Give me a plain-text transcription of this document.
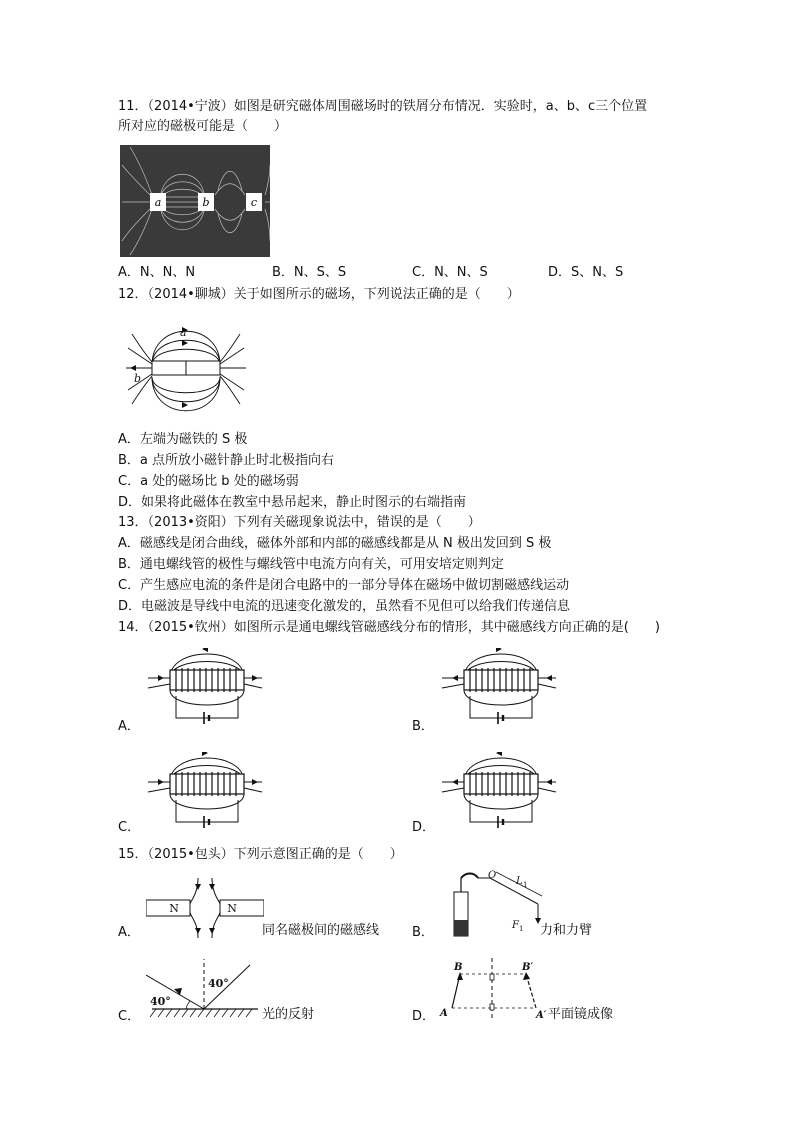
11．（2014•宁波）如图是研究磁体周围磁场时的铁屑分布情况．实验时，a、b、c三个位置
所对应的磁极可能是（　　）
a	b	c
A．N、N、N	B．N、S、S	C．N、N、S	D．S、N、S
12．（2014•聊城）关于如图所示的磁场，下列说法正确的是（　　）
a
b
A．左端为磁铁的 S 极
B．a 点所放小磁针静止时北极指向右
C．a 处的磁场比 b 处的磁场弱
D．如果将此磁体在教室中悬吊起来，静止时图示的右端指南
13．（2013•资阳）下列有关磁现象说法中，错误的是（　　）
A．磁感线是闭合曲线，磁体外部和内部的磁感线都是从 N 极出发回到 S 极
B．通电螺线管的极性与螺线管中电流方向有关，可用安培定则判定
C．产生感应电流的条件是闭合电路中的一部分导体在磁场中做切割磁感线运动
D．电磁波是导线中电流的迅速变化激发的，虽然看不见但可以给我们传递信息
14．（2015•钦州）如图所示是通电螺线管磁感线分布的情形，其中磁感线方向正确的是(　　)
A．	B．
C．	D．
15．（2015•包头）下列示意图正确的是（　　）
N	N
A．	同名磁极间的磁感线
O
L 1
F 1
B．	力和力臂
40°
40°
C．	光的反射
B	B′
A	A′
D．	平面镜成像
